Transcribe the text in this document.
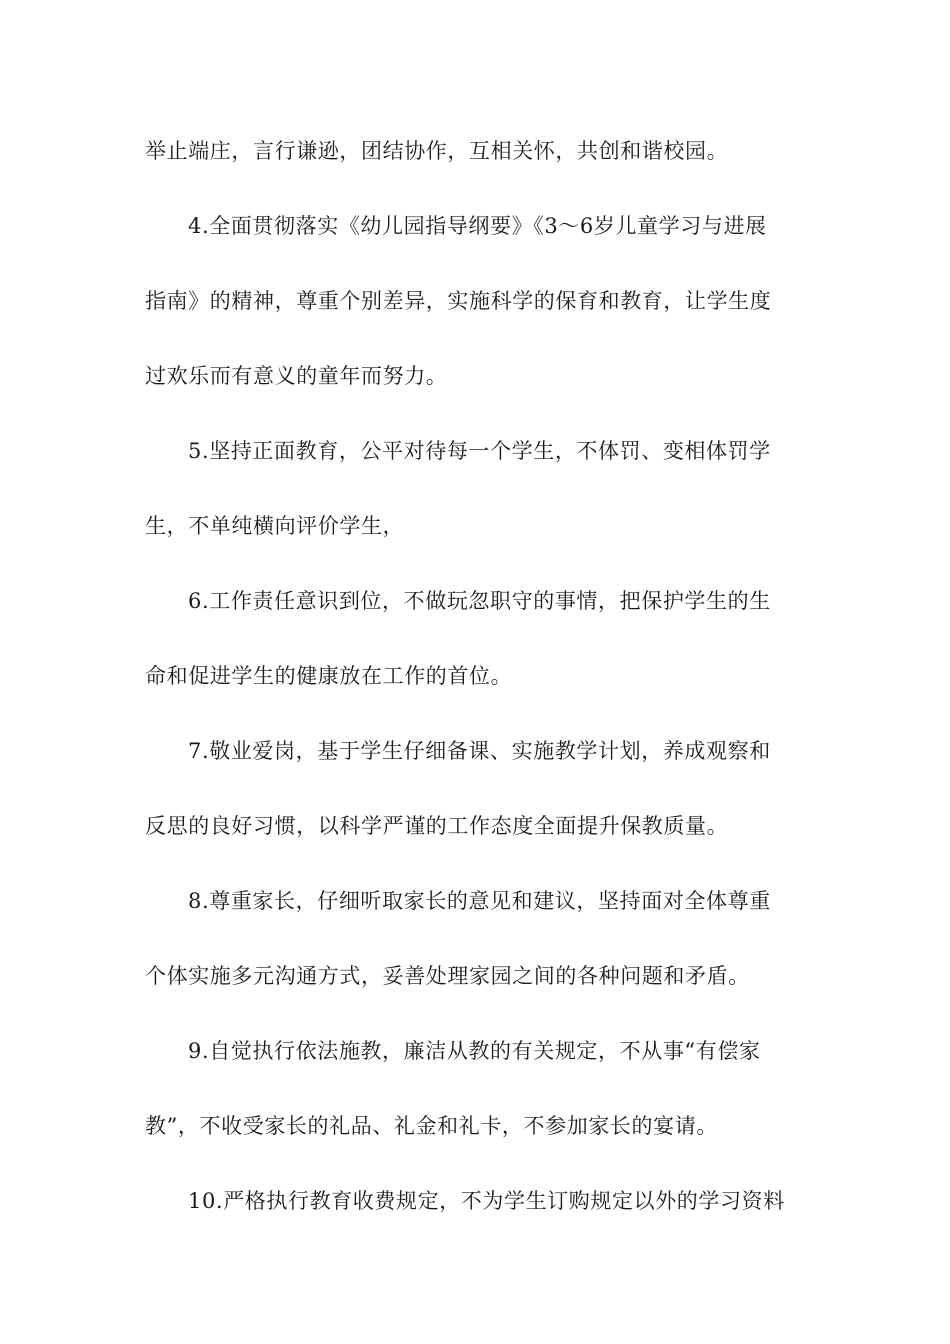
举止端庄，言行谦逊，团结协作，互相关怀，共创和谐校园。
4.全面贯彻落实《幼儿园指导纲要》《3～6岁儿童学习与进展
指南》的精神，尊重个别差异，实施科学的保育和教育，让学生度
过欢乐而有意义的童年而努力。
5.坚持正面教育，公平对待每一个学生，不体罚、变相体罚学
生，不单纯横向评价学生，
6.工作责任意识到位，不做玩忽职守的事情，把保护学生的生
命和促进学生的健康放在工作的首位。
7.敬业爱岗，基于学生仔细备课、实施教学计划，养成观察和
反思的良好习惯，以科学严谨的工作态度全面提升保教质量。
8.尊重家长，仔细听取家长的意见和建议，坚持面对全体尊重
个体实施多元沟通方式，妥善处理家园之间的各种问题和矛盾。
9.自觉执行依法施教，廉洁从教的有关规定，不从事“有偿家
教”，不收受家长的礼品、礼金和礼卡，不参加家长的宴请。
10.严格执行教育收费规定，不为学生订购规定以外的学习资料
